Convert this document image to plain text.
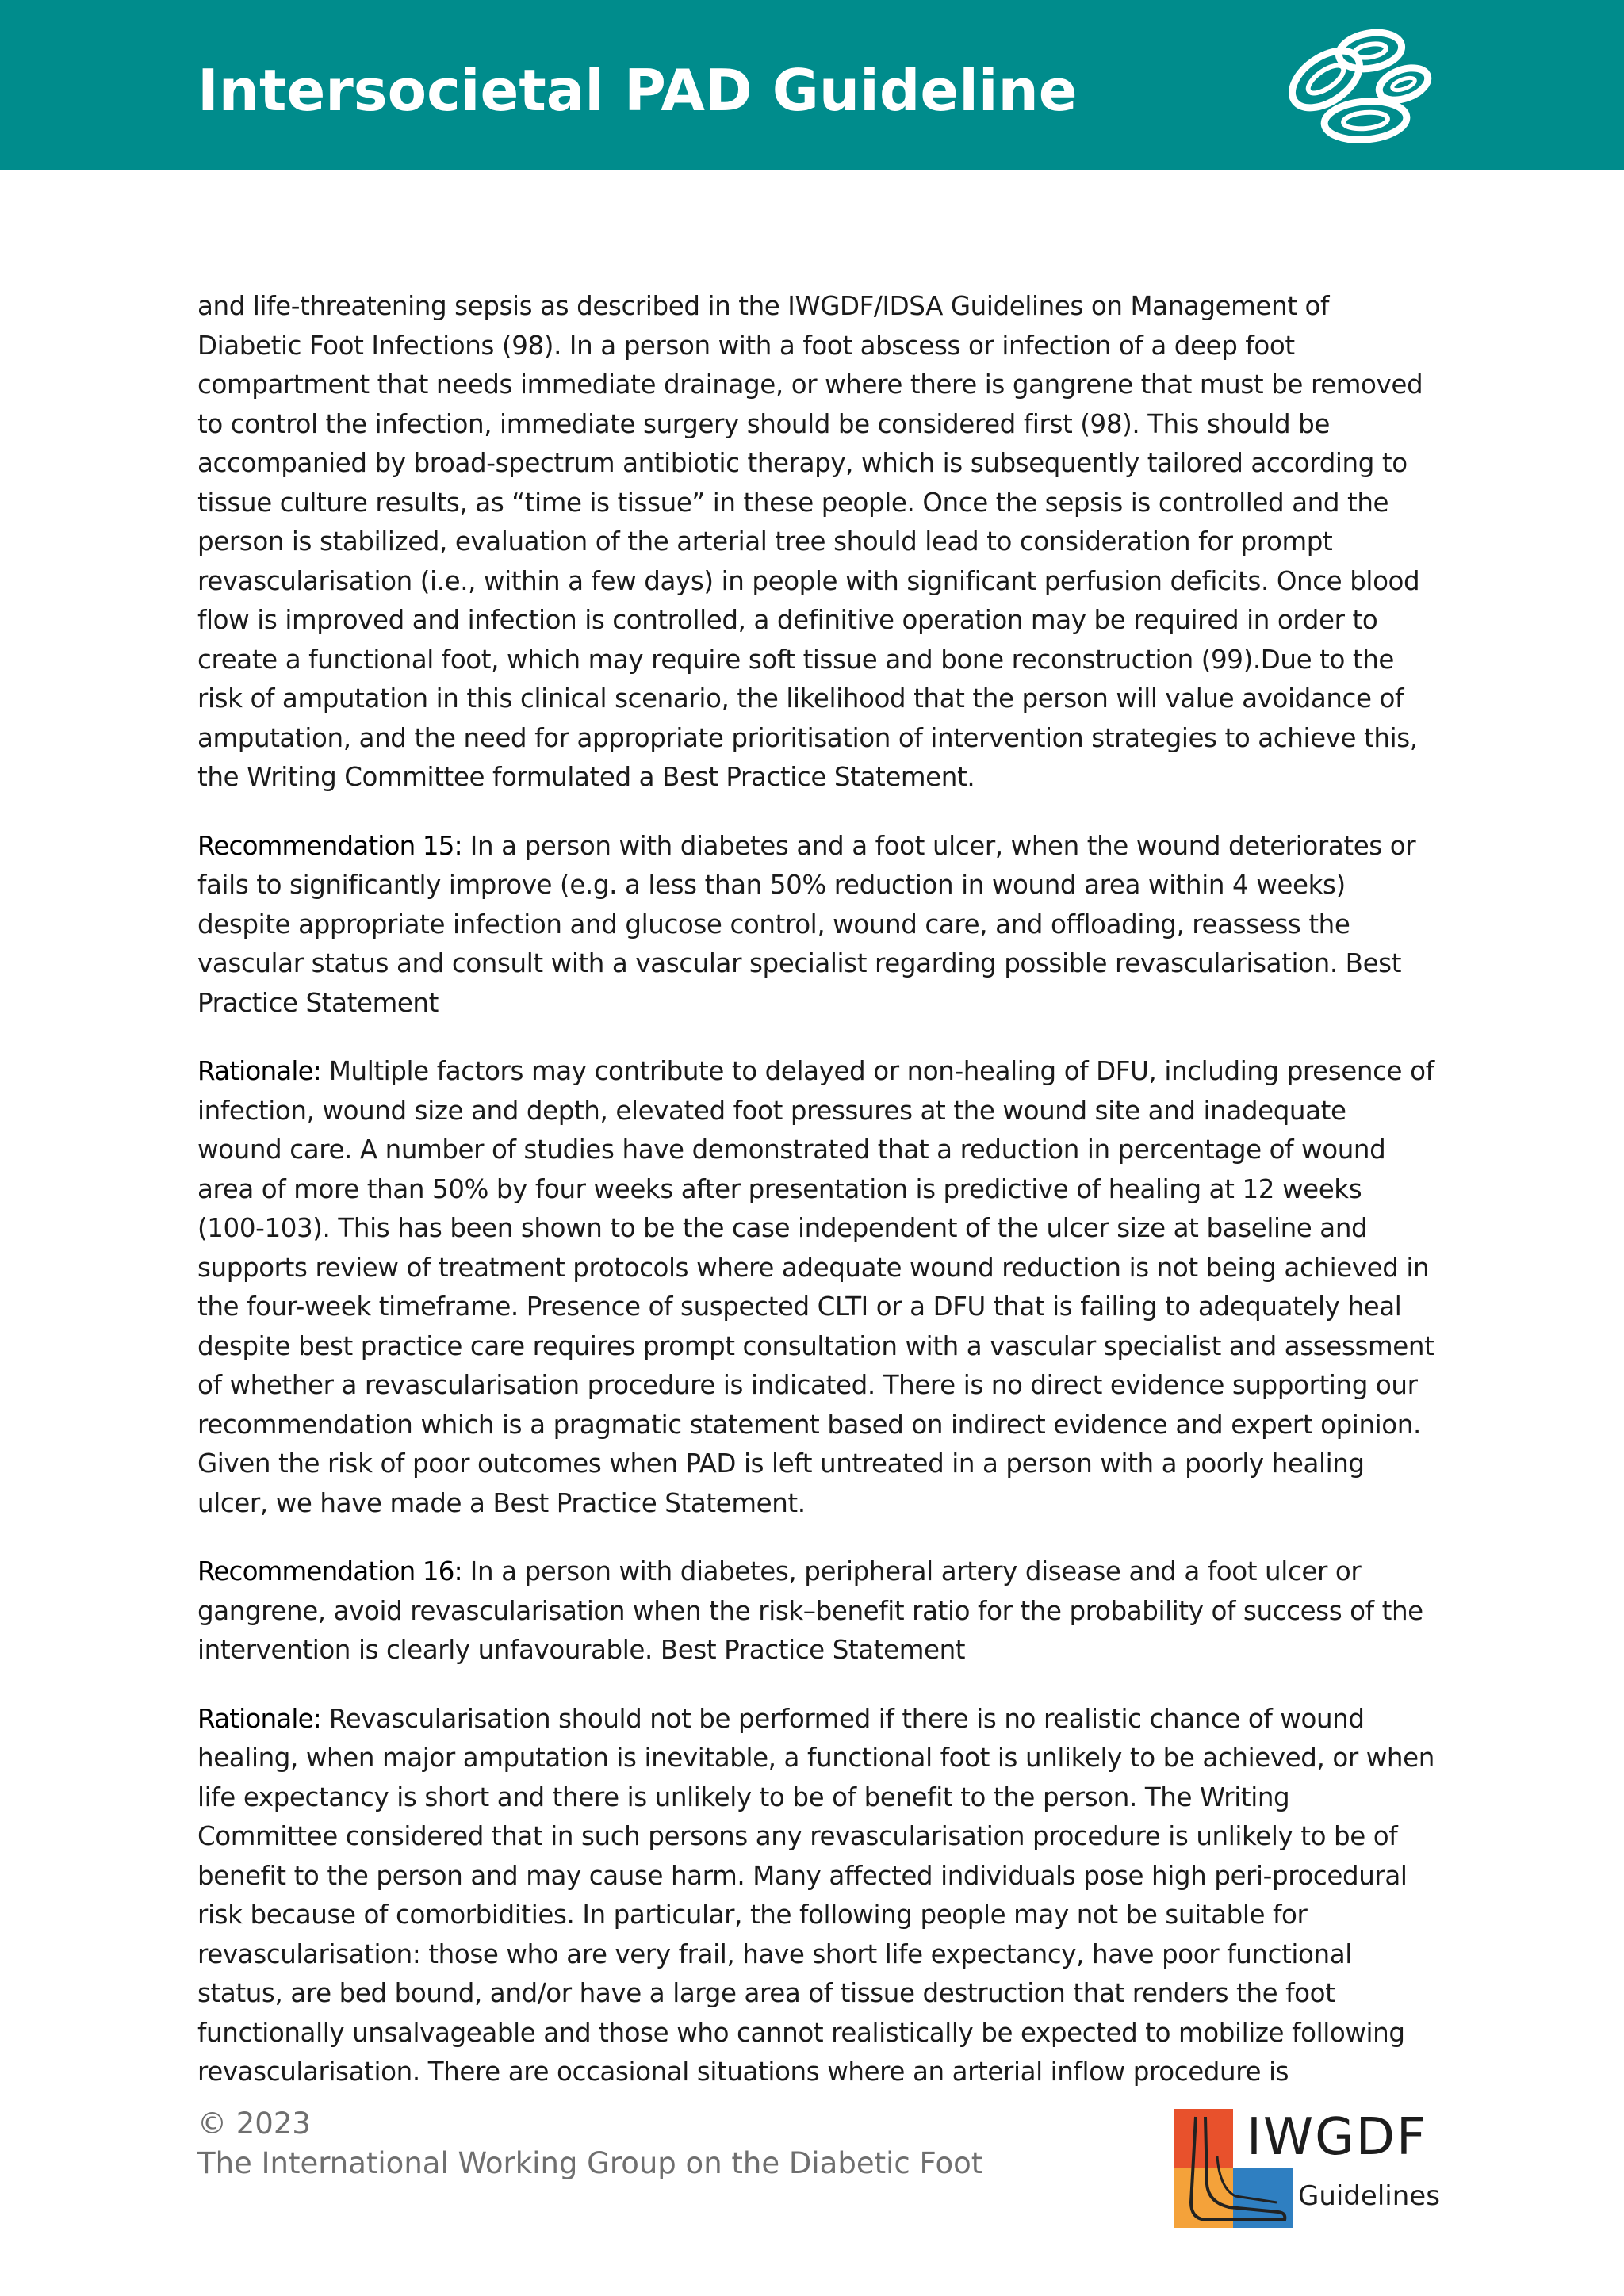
Intersocietal PAD Guideline

and life-threatening sepsis as described in the IWGDF/IDSA Guidelines on Management of Diabetic Foot Infections (98). In a person with a foot abscess or infection of a deep foot compartment that needs immediate drainage, or where there is gangrene that must be removed to control the infection, immediate surgery should be considered first (98). This should be accompanied by broad-spectrum antibiotic therapy, which is subsequently tailored according to tissue culture results, as “time is tissue” in these people. Once the sepsis is controlled and the person is stabilized, evaluation of the arterial tree should lead to consideration for prompt revascularisation (i.e., within a few days) in people with significant perfusion deficits. Once blood flow is improved and infection is controlled, a definitive operation may be required in order to create a functional foot, which may require soft tissue and bone reconstruction (99).Due to the risk of amputation in this clinical scenario, the likelihood that the person will value avoidance of amputation, and the need for appropriate prioritisation of intervention strategies to achieve this, the Writing Committee formulated a Best Practice Statement.

Recommendation 15: In a person with diabetes and a foot ulcer, when the wound deteriorates or fails to significantly improve (e.g. a less than 50% reduction in wound area within 4 weeks) despite appropriate infection and glucose control, wound care, and offloading, reassess the vascular status and consult with a vascular specialist regarding possible revascularisation. Best Practice Statement

Rationale: Multiple factors may contribute to delayed or non-healing of DFU, including presence of infection, wound size and depth, elevated foot pressures at the wound site and inadequate wound care. A number of studies have demonstrated that a reduction in percentage of wound area of more than 50% by four weeks after presentation is predictive of healing at 12 weeks (100-103). This has been shown to be the case independent of the ulcer size at baseline and supports review of treatment protocols where adequate wound reduction is not being achieved in the four-week timeframe. Presence of suspected CLTI or a DFU that is failing to adequately heal despite best practice care requires prompt consultation with a vascular specialist and assessment of whether a revascularisation procedure is indicated. There is no direct evidence supporting our recommendation which is a pragmatic statement based on indirect evidence and expert opinion. Given the risk of poor outcomes when PAD is left untreated in a person with a poorly healing ulcer, we have made a Best Practice Statement.

Recommendation 16: In a person with diabetes, peripheral artery disease and a foot ulcer or gangrene, avoid revascularisation when the risk–benefit ratio for the probability of success of the intervention is clearly unfavourable. Best Practice Statement

Rationale: Revascularisation should not be performed if there is no realistic chance of wound healing, when major amputation is inevitable, a functional foot is unlikely to be achieved, or when life expectancy is short and there is unlikely to be of benefit to the person. The Writing Committee considered that in such persons any revascularisation procedure is unlikely to be of benefit to the person and may cause harm. Many affected individuals pose high peri-procedural risk because of comorbidities. In particular, the following people may not be suitable for revascularisation: those who are very frail, have short life expectancy, have poor functional status, are bed bound, and/or have a large area of tissue destruction that renders the foot functionally unsalvageable and those who cannot realistically be expected to mobilize following revascularisation. There are occasional situations where an arterial inflow procedure is

© 2023
The International Working Group on the Diabetic Foot	IWGDF
Guidelines
